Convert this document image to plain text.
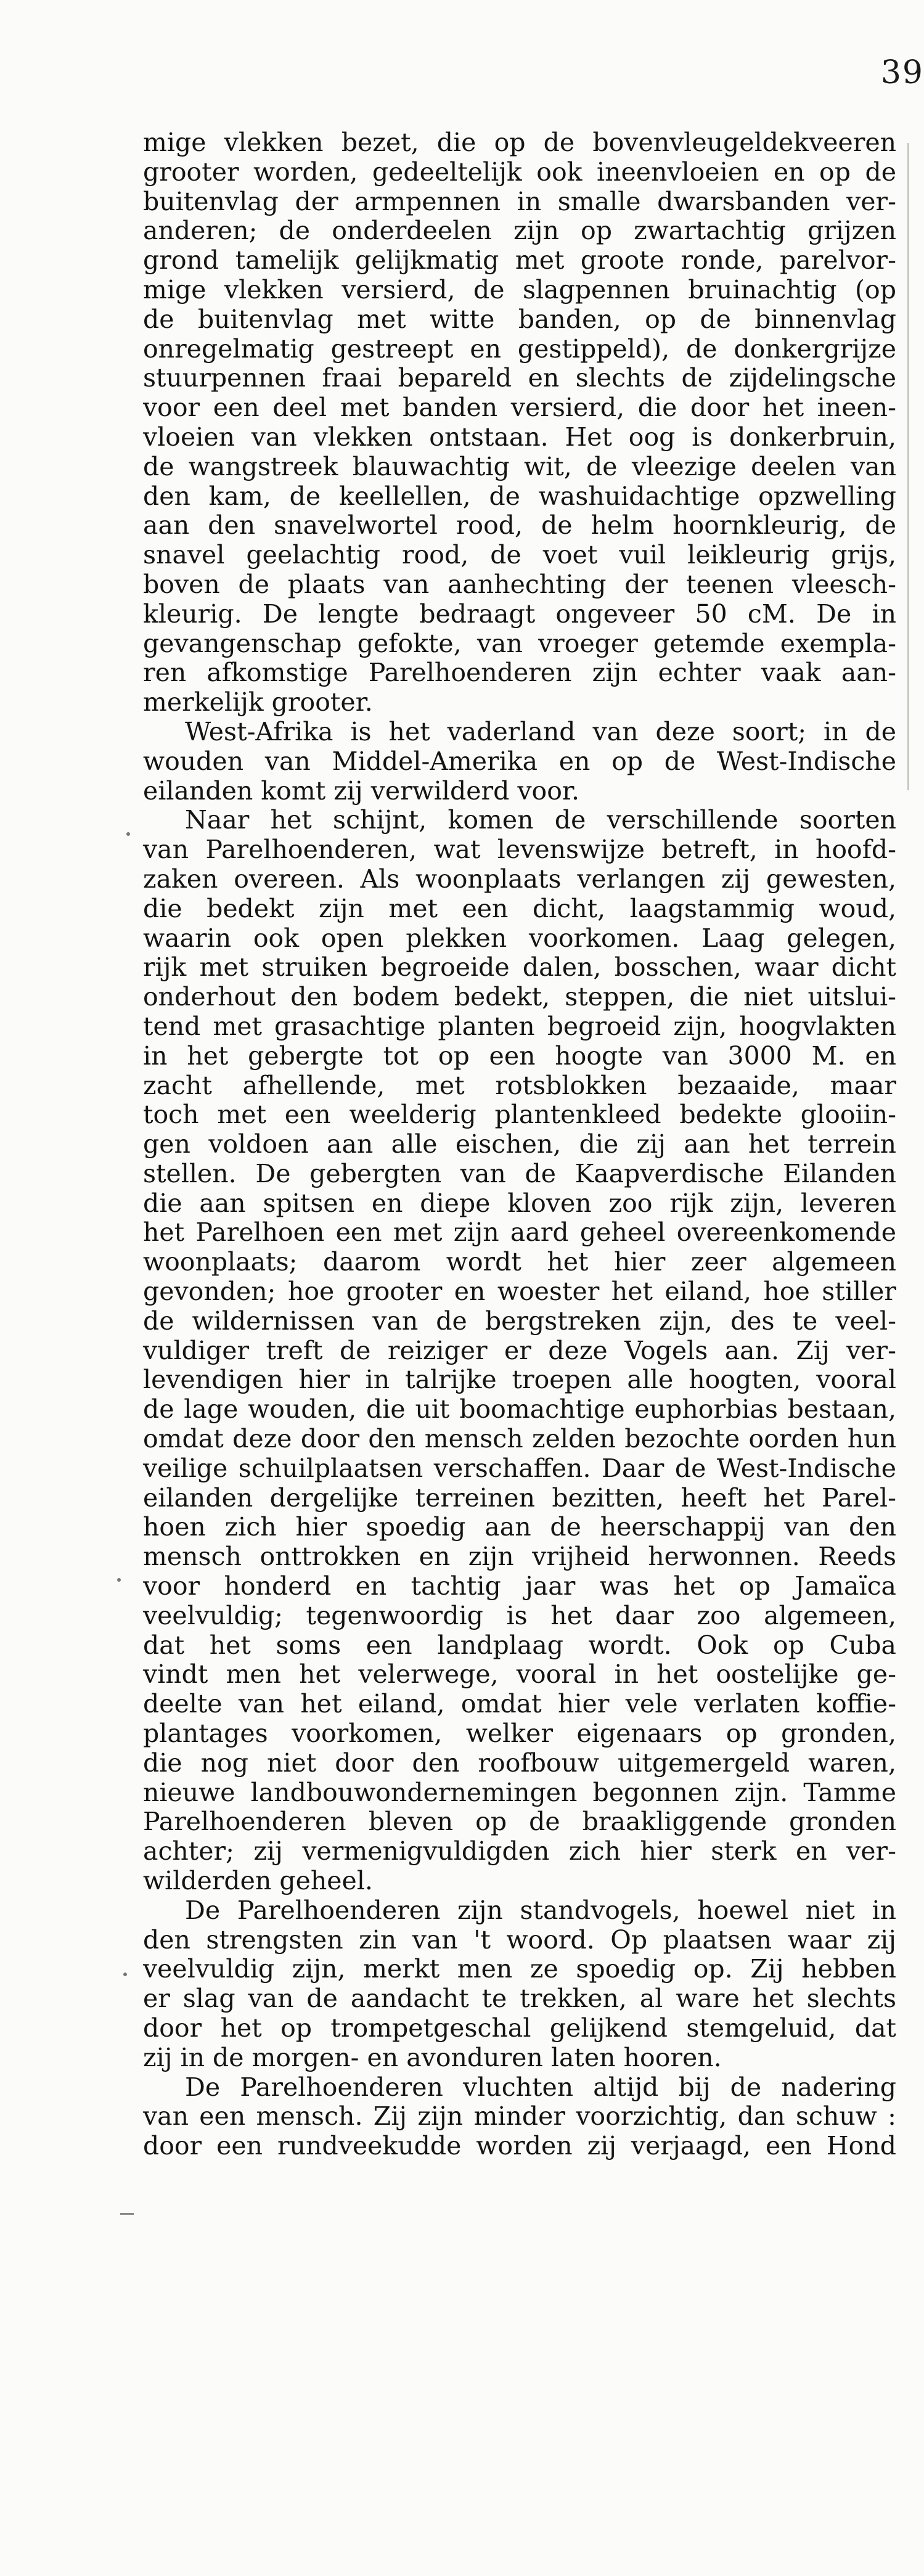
39
mige vlekken bezet, die op de bovenvleugeldekveeren
grooter worden, gedeeltelijk ook ineenvloeien en op de
buitenvlag der armpennen in smalle dwarsbanden ver-
anderen; de onderdeelen zijn op zwartachtig grijzen
grond tamelijk gelijkmatig met groote ronde, parelvor-
mige vlekken versierd, de slagpennen bruinachtig (op
de buitenvlag met witte banden, op de binnenvlag
onregelmatig gestreept en gestippeld), de donkergrijze
stuurpennen fraai bepareld en slechts de zijdelingsche
voor een deel met banden versierd, die door het ineen-
vloeien van vlekken ontstaan. Het oog is donkerbruin,
de wangstreek blauwachtig wit, de vleezige deelen van
den kam, de keellellen, de washuidachtige opzwelling
aan den snavelwortel rood, de helm hoornkleurig, de
snavel geelachtig rood, de voet vuil leikleurig grijs,
boven de plaats van aanhechting der teenen vleesch-
kleurig. De lengte bedraagt ongeveer 50 cM. De in
gevangenschap gefokte, van vroeger getemde exempla-
ren afkomstige Parelhoenderen zijn echter vaak aan-
merkelijk grooter.
West-Afrika is het vaderland van deze soort; in de
wouden van Middel-Amerika en op de West-Indische
eilanden komt zij verwilderd voor.
Naar het schijnt, komen de verschillende soorten
van Parelhoenderen, wat levenswijze betreft, in hoofd-
zaken overeen. Als woonplaats verlangen zij gewesten,
die bedekt zijn met een dicht, laagstammig woud,
waarin ook open plekken voorkomen. Laag gelegen,
rijk met struiken begroeide dalen, bosschen, waar dicht
onderhout den bodem bedekt, steppen, die niet uitslui-
tend met grasachtige planten begroeid zijn, hoogvlakten
in het gebergte tot op een hoogte van 3000 M. en
zacht afhellende, met rotsblokken bezaaide, maar
toch met een weelderig plantenkleed bedekte glooiin-
gen voldoen aan alle eischen, die zij aan het terrein
stellen. De gebergten van de Kaapverdische Eilanden
die aan spitsen en diepe kloven zoo rijk zijn, leveren
het Parelhoen een met zijn aard geheel overeenkomende
woonplaats; daarom wordt het hier zeer algemeen
gevonden; hoe grooter en woester het eiland, hoe stiller
de wildernissen van de bergstreken zijn, des te veel-
vuldiger treft de reiziger er deze Vogels aan. Zij ver-
levendigen hier in talrijke troepen alle hoogten, vooral
de lage wouden, die uit boomachtige euphorbias bestaan,
omdat deze door den mensch zelden bezochte oorden hun
veilige schuilplaatsen verschaffen. Daar de West-Indische
eilanden dergelijke terreinen bezitten, heeft het Parel-
hoen zich hier spoedig aan de heerschappij van den
mensch onttrokken en zijn vrijheid herwonnen. Reeds
voor honderd en tachtig jaar was het op Jamaïca
veelvuldig; tegenwoordig is het daar zoo algemeen,
dat het soms een landplaag wordt. Ook op Cuba
vindt men het velerwege, vooral in het oostelijke ge-
deelte van het eiland, omdat hier vele verlaten koffie-
plantages voorkomen, welker eigenaars op gronden,
die nog niet door den roofbouw uitgemergeld waren,
nieuwe landbouwondernemingen begonnen zijn. Tamme
Parelhoenderen bleven op de braakliggende gronden
achter; zij vermenigvuldigden zich hier sterk en ver-
wilderden geheel.
De Parelhoenderen zijn standvogels, hoewel niet in
den strengsten zin van 't woord. Op plaatsen waar zij
veelvuldig zijn, merkt men ze spoedig op. Zij hebben
er slag van de aandacht te trekken, al ware het slechts
door het op trompetgeschal gelijkend stemgeluid, dat
zij in de morgen- en avonduren laten hooren.
De Parelhoenderen vluchten altijd bij de nadering
van een mensch. Zij zijn minder voorzichtig, dan schuw :
door een rundveekudde worden zij verjaagd, een Hond
